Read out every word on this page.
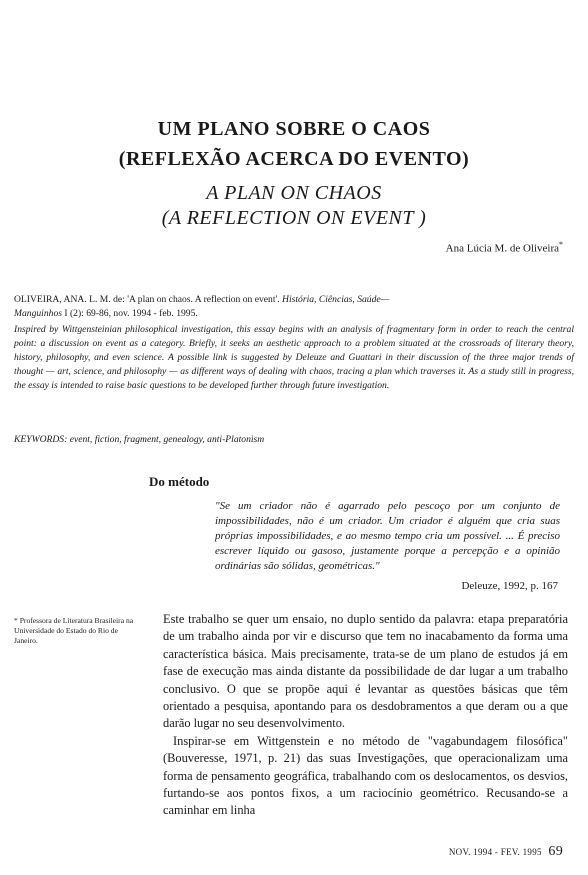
UM PLANO SOBRE O CAOS
(REFLEXÃO ACERCA DO EVENTO)
A PLAN ON CHAOS
(A REFLECTION ON EVENT )
Ana Lúcia M. de Oliveira*
OLIVEIRA, ANA. L. M. de: 'A plan on chaos. A reflection on event'. História, Ciências, Saúde—
Manguinhos I (2): 69-86, nov. 1994 - feb. 1995.
Inspired by Wittgensteinian philosophical investigation, this essay begins with an analysis of fragmentary form in order to reach the central point: a discussion on event as a category. Briefly, it seeks an aesthetic approach to a problem situated at the crossroads of literary theory, history, philosophy, and even science. A possible link is suggested by Deleuze and Guattari in their discussion of the three major trends of thought — art, science, and philosophy — as different ways of dealing with chaos, tracing a plan which traverses it. As a study still in progress, the essay is intended to raise basic questions to be developed further through future investigation.
KEYWORDS: event, fiction, fragment, genealogy, anti-Platonism
Do método
"Se um criador não é agarrado pelo pescoço por um conjunto de impossibilidades, não é um criador. Um criador é alguém que cria suas próprias impossibilidades, e ao mesmo tempo cria um possível. ... É preciso escrever líquido ou gasoso, justamente porque a percepção e a opinião ordinárias são sólidas, geométricas."
Deleuze, 1992, p. 167
* Professora de Literatura Brasileira na Universidade do Estado do Rio de Janeiro.

Este trabalho se quer um ensaio, no duplo sentido da palavra: etapa preparatória de um trabalho ainda por vir e discurso que tem no inacabamento da forma uma característica básica. Mais precisamente, trata-se de um plano de estudos já em fase de execução mas ainda distante da possibilidade de dar lugar a um trabalho conclusivo. O que se propõe aqui é levantar as questões básicas que têm orientado a pesquisa, apontando para os desdobramentos a que deram ou a que darão lugar no seu desenvolvimento.

Inspirar-se em Wittgenstein e no método de "vagabundagem filosófica" (Bouveresse, 1971, p. 21) das suas Investigações, que operacionalizam uma forma de pensamento geográfica, trabalhando com os deslocamentos, os desvios, furtando-se aos pontos fixos, a um raciocínio geométrico. Recusando-se a caminhar em linha

NOV. 1994 - FEV. 1995 69
